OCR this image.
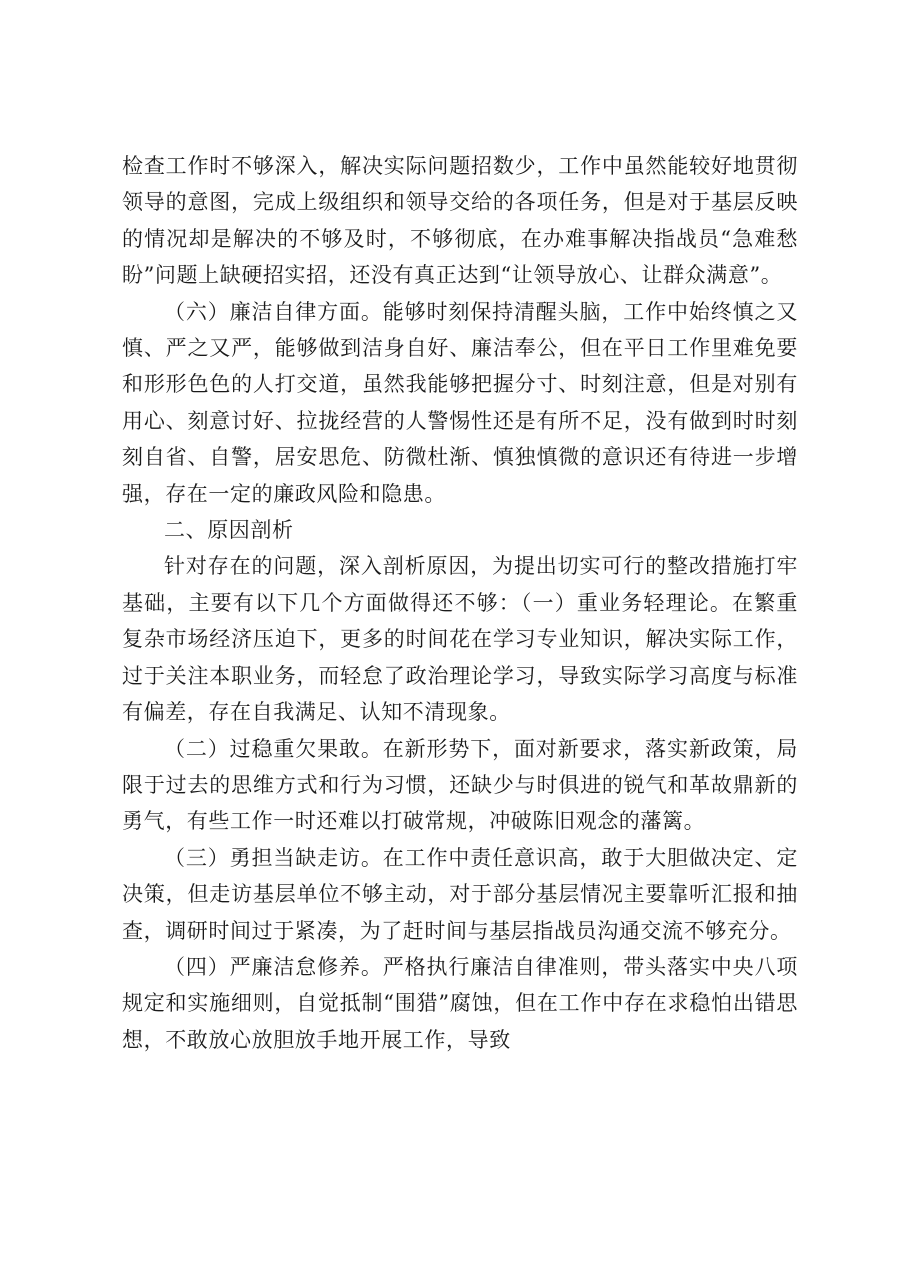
检查工作时不够深入，解决实际问题招数少，工作中虽然能较好地贯彻领导的意图，完成上级组织和领导交给的各项任务，但是对于基层反映的情况却是解决的不够及时，不够彻底，在办难事解决指战员“急难愁盼”问题上缺硬招实招，还没有真正达到“让领导放心、让群众满意”。

（六）廉洁自律方面。能够时刻保持清醒头脑，工作中始终慎之又慎、严之又严，能够做到洁身自好、廉洁奉公，但在平日工作里难免要和形形色色的人打交道，虽然我能够把握分寸、时刻注意，但是对别有用心、刻意讨好、拉拢经营的人警惕性还是有所不足，没有做到时时刻刻自省、自警，居安思危、防微杜渐、慎独慎微的意识还有待进一步增强，存在一定的廉政风险和隐患。

二、原因剖析

针对存在的问题，深入剖析原因，为提出切实可行的整改措施打牢基础，主要有以下几个方面做得还不够：（一）重业务轻理论。在繁重复杂市场经济压迫下，更多的时间花在学习专业知识，解决实际工作，过于关注本职业务，而轻怠了政治理论学习，导致实际学习高度与标准有偏差，存在自我满足、认知不清现象。

（二）过稳重欠果敢。在新形势下，面对新要求，落实新政策，局限于过去的思维方式和行为习惯，还缺少与时俱进的锐气和革故鼎新的勇气，有些工作一时还难以打破常规，冲破陈旧观念的藩篱。

（三）勇担当缺走访。在工作中责任意识高，敢于大胆做决定、定决策，但走访基层单位不够主动，对于部分基层情况主要靠听汇报和抽查，调研时间过于紧凑，为了赶时间与基层指战员沟通交流不够充分。

（四）严廉洁怠修养。严格执行廉洁自律准则，带头落实中央八项规定和实施细则，自觉抵制“围猎”腐蚀，但在工作中存在求稳怕出错思想，不敢放心放胆放手地开展工作，导致
